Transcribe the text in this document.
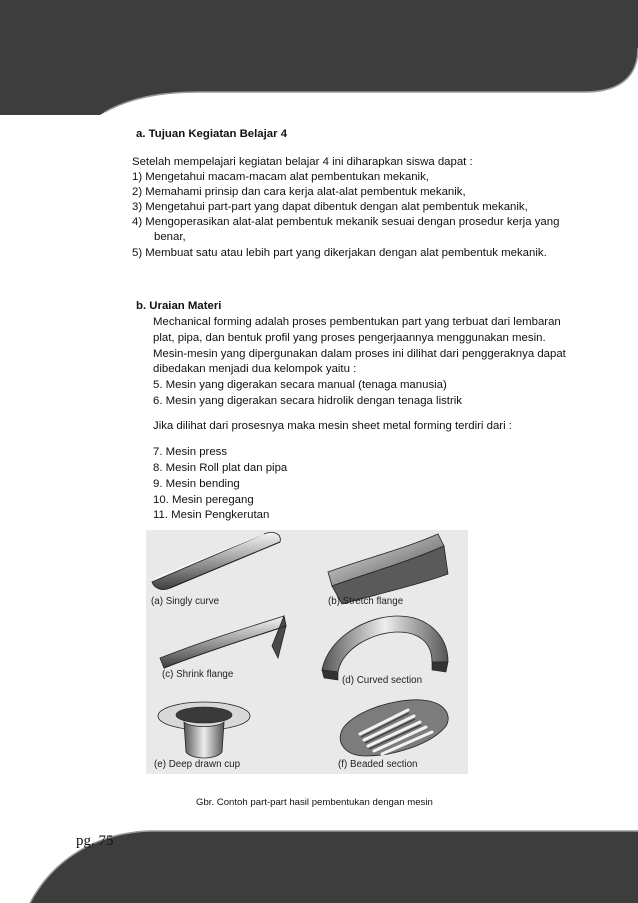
a. Tujuan Kegiatan Belajar 4
Setelah mempelajari kegiatan belajar 4 ini diharapkan siswa dapat :
1) Mengetahui macam-macam alat pembentukan mekanik,
2) Memahami prinsip dan cara kerja alat-alat pembentuk mekanik,
3) Mengetahui part-part yang dapat dibentuk dengan alat pembentuk mekanik,
4) Mengoperasikan alat-alat pembentuk mekanik sesuai dengan prosedur kerja yang
benar,
5) Membuat satu atau lebih part yang dikerjakan dengan alat pembentuk mekanik.
b. Uraian Materi
Mechanical forming adalah proses pembentukan part yang terbuat dari lembaran
plat, pipa, dan bentuk profil yang proses pengerjaannya menggunakan mesin.
Mesin-mesin yang dipergunakan dalam proses ini dilihat dari penggeraknya dapat
dibedakan menjadi dua kelompok yaitu :
5. Mesin yang digerakan secara manual (tenaga manusia)
6. Mesin yang digerakan secara hidrolik dengan tenaga listrik
Jika dilihat dari prosesnya maka mesin sheet metal forming terdiri dari :
7. Mesin press
8. Mesin Roll plat dan pipa
9. Mesin bending
10. Mesin peregang
11. Mesin Pengkerutan
(a) Singly curve	(b) Stretch flange
(c) Shrink flange
(d) Curved section
(e) Deep drawn cup	(f) Beaded section
Gbr. Contoh part-part hasil pembentukan dengan mesin
pg. 75
